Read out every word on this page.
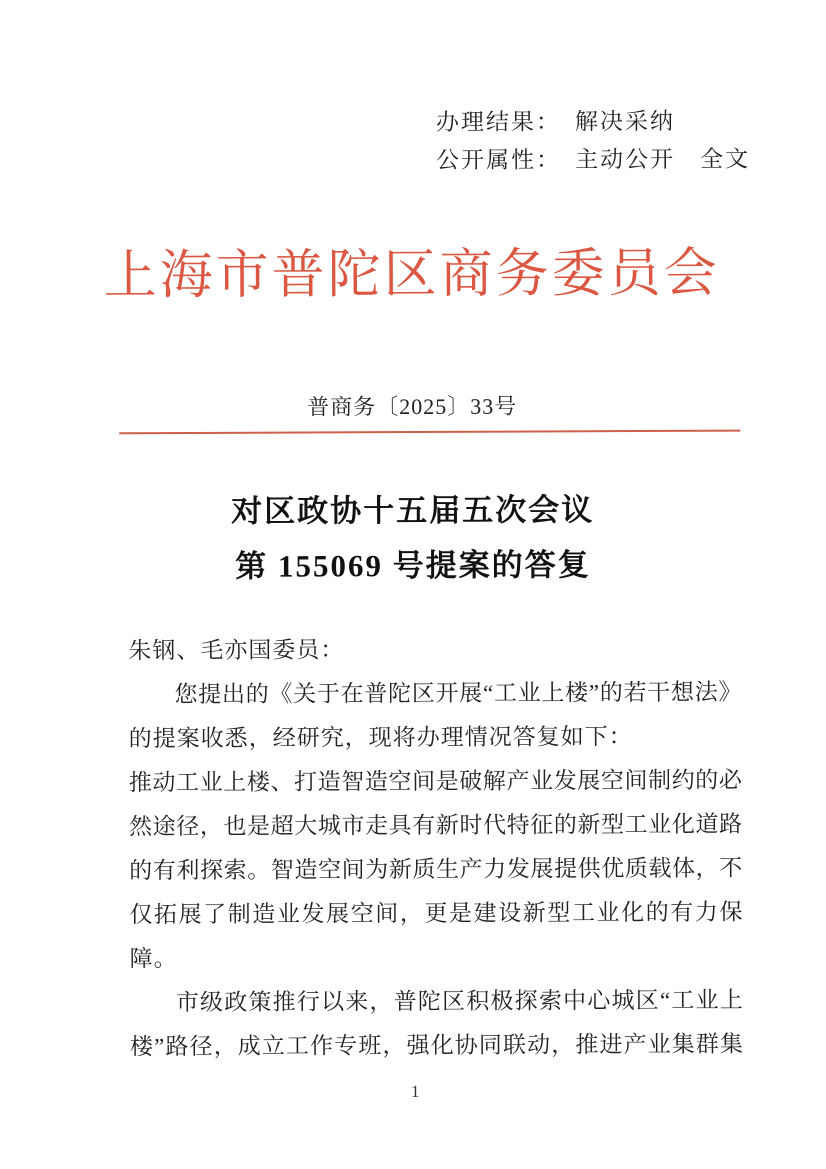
办理结果： 解决采纳
公开属性： 主动公开　全文
上海市普陀区商务委员会
普商务〔2025〕33号
对区政协十五届五次会议
第 155069 号提案的答复
朱钢、毛亦国委员：
您提出的《关于在普陀区开展“工业上楼”的若干想法》
的提案收悉，经研究，现将办理情况答复如下：
推动工业上楼、打造智造空间是破解产业发展空间制约的必
然途径，也是超大城市走具有新时代特征的新型工业化道路
的有利探索。智造空间为新质生产力发展提供优质载体，不
仅拓展了制造业发展空间，更是建设新型工业化的有力保
障。
市级政策推行以来，普陀区积极探索中心城区“工业上
楼”路径，成立工作专班，强化协同联动，推进产业集群集
1
